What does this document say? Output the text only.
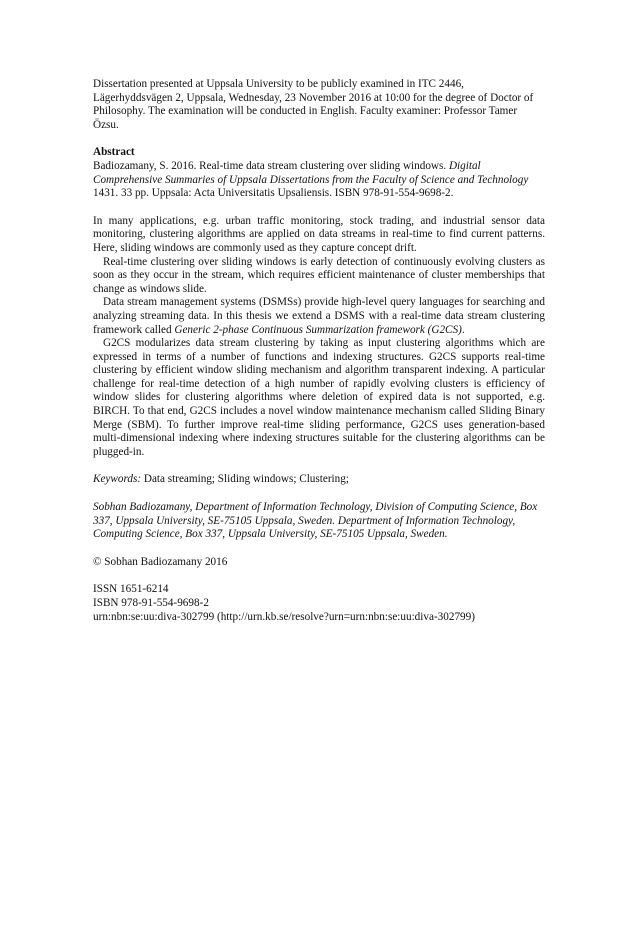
Dissertation presented at Uppsala University to be publicly examined in ITC 2446, Lägerhyddsvägen 2, Uppsala, Wednesday, 23 November 2016 at 10:00 for the degree of Doctor of Philosophy. The examination will be conducted in English. Faculty examiner: Professor Tamer Özsu.

Abstract

Badiozamany, S. 2016. Real-time data stream clustering over sliding windows. Digital Comprehensive Summaries of Uppsala Dissertations from the Faculty of Science and Technology 1431. 33 pp. Uppsala: Acta Universitatis Upsaliensis. ISBN 978-91-554-9698-2.

In many applications, e.g. urban traffic monitoring, stock trading, and industrial sensor data monitoring, clustering algorithms are applied on data streams in real-time to find current patterns. Here, sliding windows are commonly used as they capture concept drift.

Real-time clustering over sliding windows is early detection of continuously evolving clusters as soon as they occur in the stream, which requires efficient maintenance of cluster memberships that change as windows slide.

Data stream management systems (DSMSs) provide high-level query languages for searching and analyzing streaming data. In this thesis we extend a DSMS with a real-time data stream clustering framework called Generic 2-phase Continuous Summarization framework (G2CS).

G2CS modularizes data stream clustering by taking as input clustering algorithms which are expressed in terms of a number of functions and indexing structures. G2CS supports real-time clustering by efficient window sliding mechanism and algorithm transparent indexing. A particular challenge for real-time detection of a high number of rapidly evolving clusters is efficiency of window slides for clustering algorithms where deletion of expired data is not supported, e.g. BIRCH. To that end, G2CS includes a novel window maintenance mechanism called Sliding Binary Merge (SBM). To further improve real-time sliding performance, G2CS uses generation-based multi-dimensional indexing where indexing structures suitable for the clustering algorithms can be plugged-in.

Keywords: Data streaming; Sliding windows; Clustering;

Sobhan Badiozamany, Department of Information Technology, Division of Computing Science, Box 337, Uppsala University, SE-75105 Uppsala, Sweden. Department of Information Technology, Computing Science, Box 337, Uppsala University, SE-75105 Uppsala, Sweden.

© Sobhan Badiozamany 2016

ISSN 1651-6214

ISBN 978-91-554-9698-2

urn:nbn:se:uu:diva-302799 (http://urn.kb.se/resolve?urn=urn:nbn:se:uu:diva-302799)
